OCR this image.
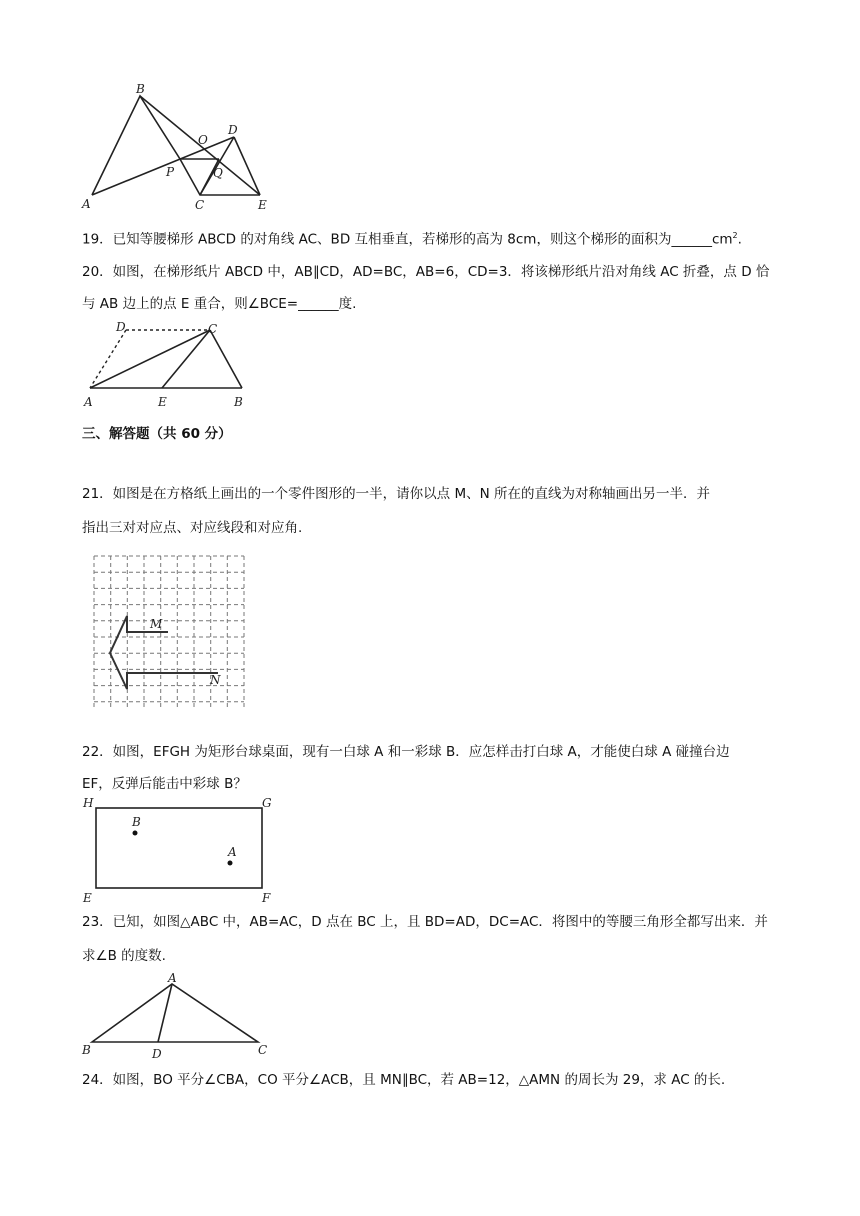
A
B
C
D
E
O
P	Q
19．已知等腰梯形 ABCD 的对角线 AC、BD 互相垂直，若梯形的高为 8cm，则这个梯形的面积为$\_\_\_\_\_\_cm^2$.
20．如图，在梯形纸片 ABCD 中，AB∥CD，AD=BC，AB=6，CD=3．将该梯形纸片沿对角线 AC 折叠，点 D 恰
与 AB 边上的点 E 重合，则∠BCE=______度.
D	C
A	E	B
三、解答题（共 60 分）
21．如图是在方格纸上画出的一个零件图形的一半，请你以点 M、N 所在的直线为对称轴画出另一半．并
指出三对对应点、对应线段和对应角.
M
N
22．如图，EFGH 为矩形台球桌面，现有一白球 A 和一彩球 B．应怎样击打白球 A，才能使白球 A 碰撞台边
EF，反弹后能击中彩球 B？
H	G
E	F
B
A
23．已知，如图△ABC 中，AB=AC，D 点在 BC 上，且 BD=AD，DC=AC．将图中的等腰三角形全都写出来．并
求∠B 的度数.
A
B	D	C
24．如图，BO 平分∠CBA，CO 平分∠ACB，且 MN∥BC，若 AB=12，△AMN 的周长为 29，求 AC 的长.
